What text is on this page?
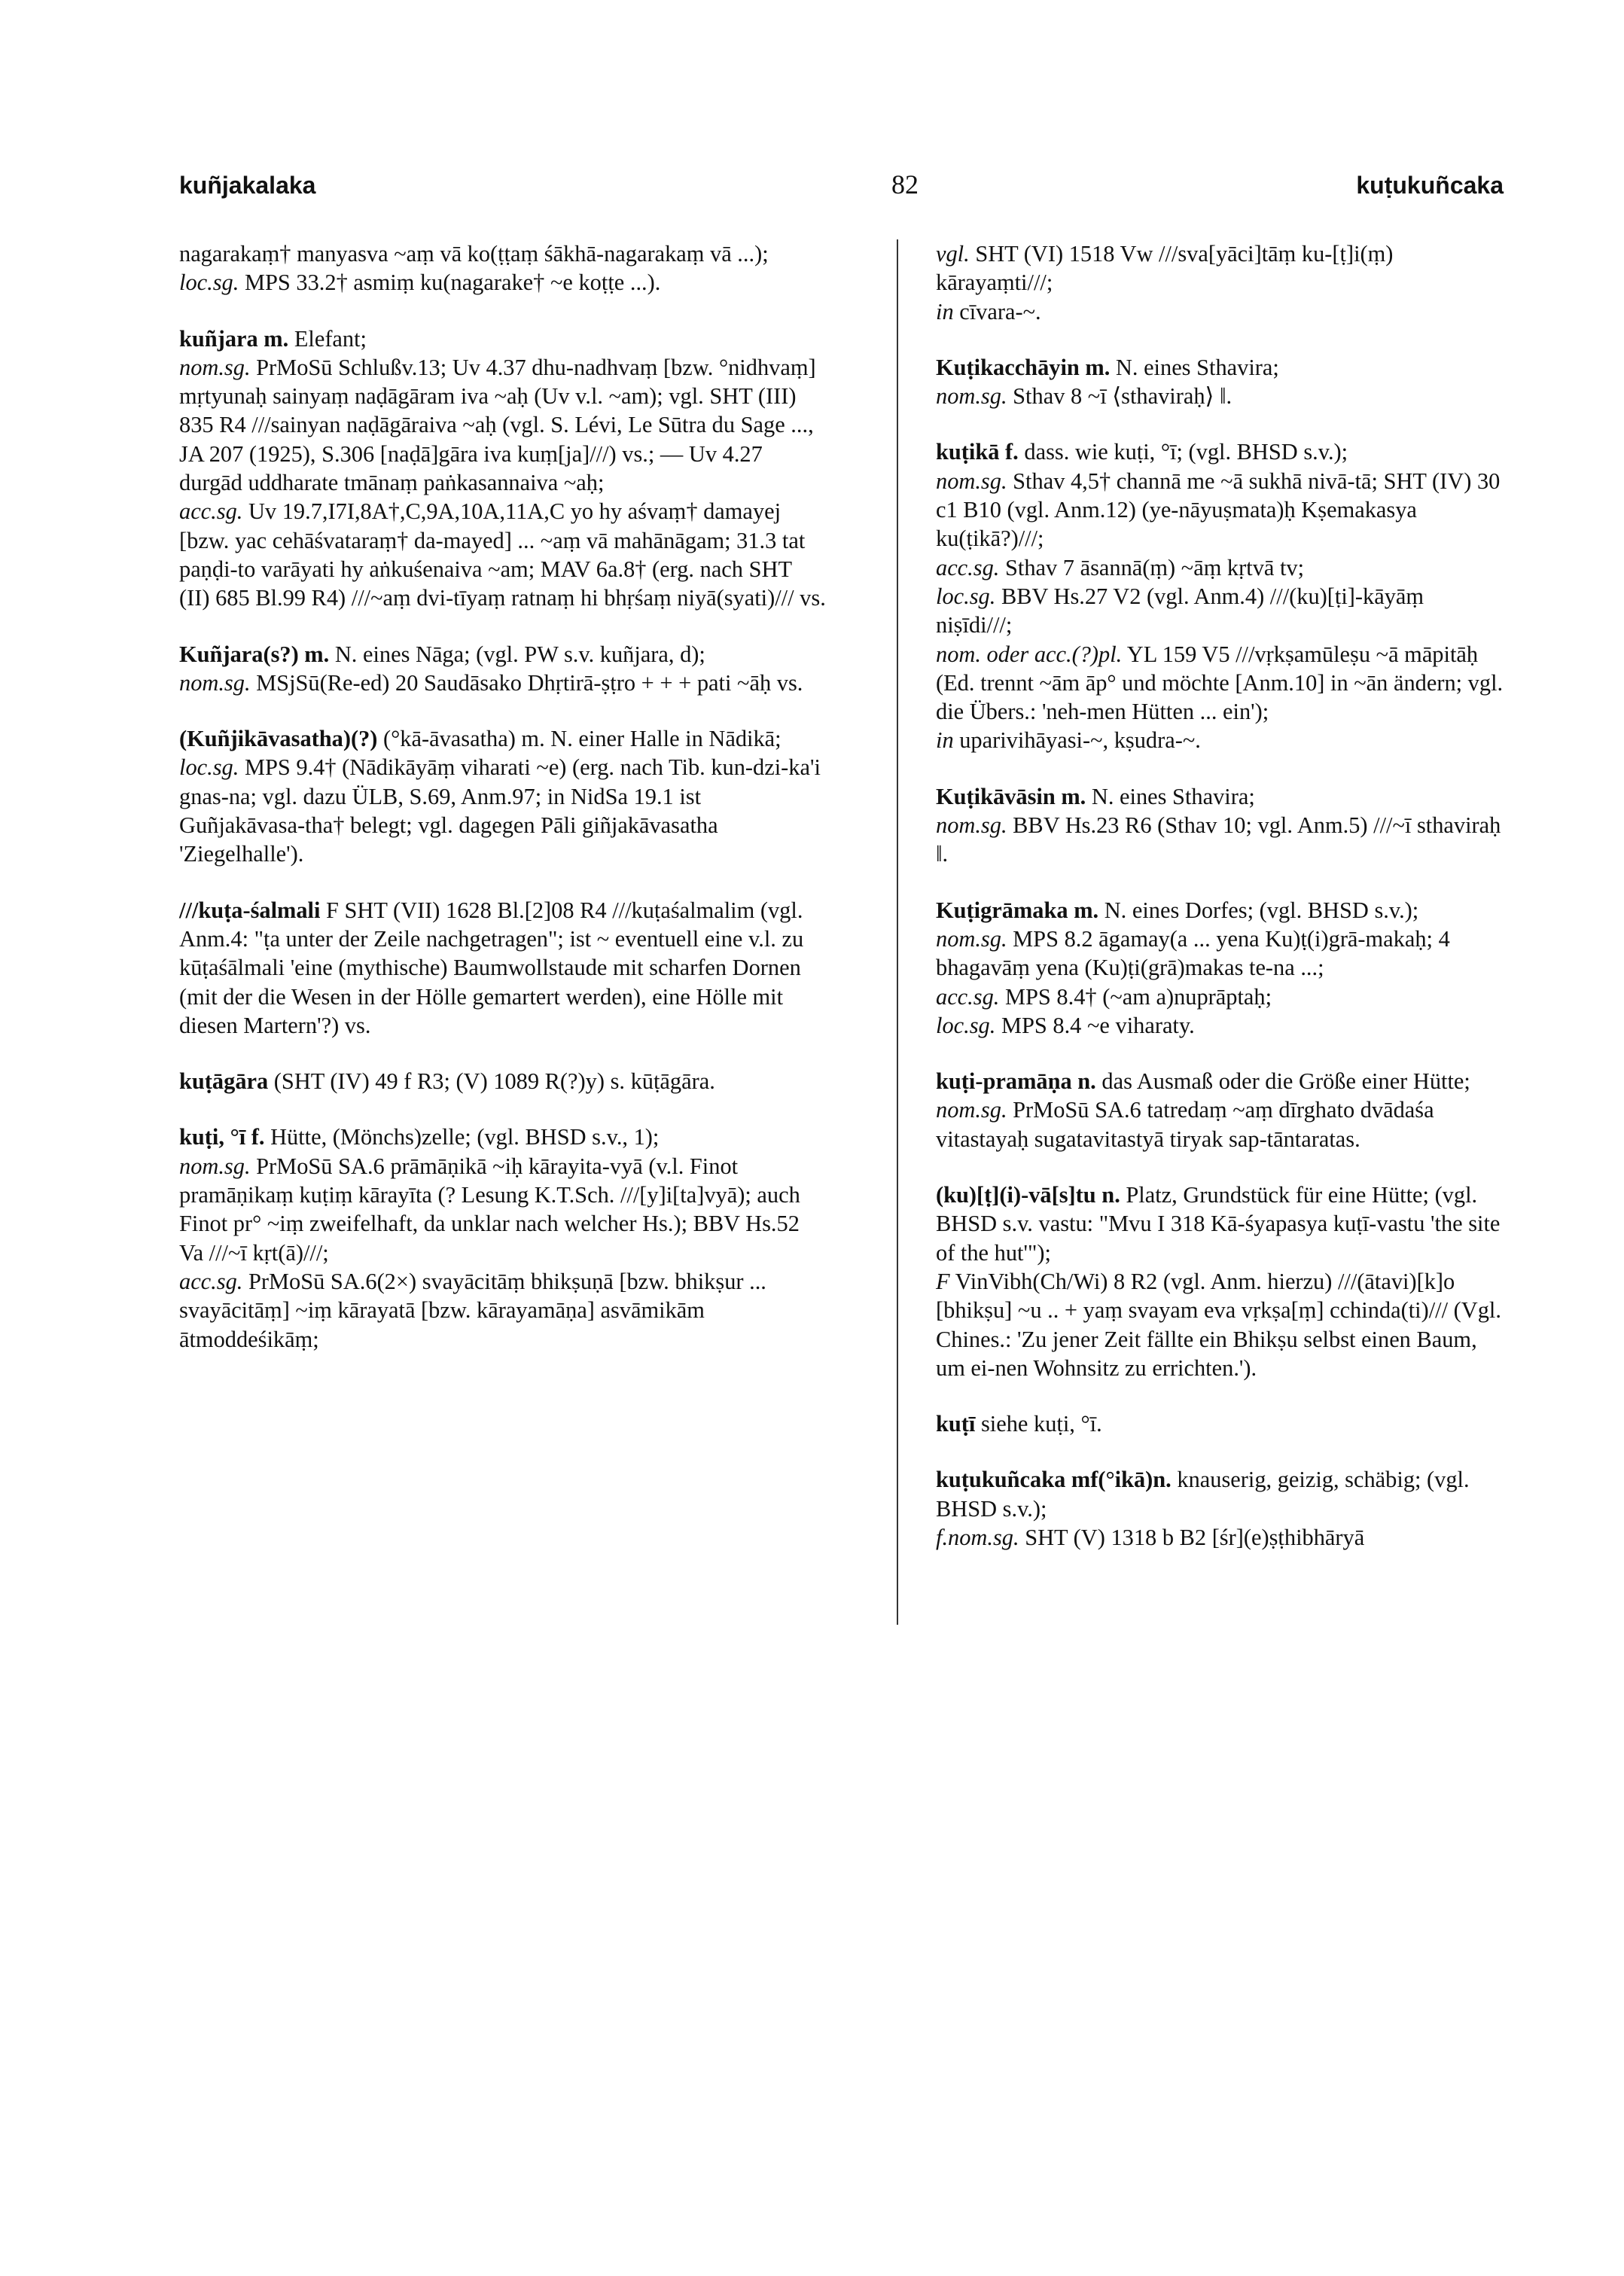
kuñjakalaka	82	kuṭukuñcaka

nagarakaṃ† manyasva ~aṃ vā ko(ṭṭaṃ śākhā-nagarakaṃ vā ...);

loc.sg. MPS 33.2† asmiṃ ku(nagarake† ~e koṭṭe ...).

kuñjara m. Elefant;

nom.sg. PrMoSū Schlußv.13; Uv 4.37 dhu-nadhvaṃ [bzw. °nidhvaṃ] mṛtyunaḥ sainyaṃ naḍāgāram iva ~aḥ (Uv v.l. ~am); vgl. SHT (III) 835 R4 ///sainyan naḍāgāraiva ~aḥ (vgl. S. Lévi, Le Sūtra du Sage ..., JA 207 (1925), S.306 [naḍā]gāra iva kuṃ[ja]///) vs.; — Uv 4.27 durgād uddharate tmānaṃ paṅkasannaiva ~aḥ;

acc.sg. Uv 19.7,I7I,8A†,C,9A,10A,11A,C yo hy aśvaṃ† damayej [bzw. yac cehāśvataraṃ† da-mayed] ... ~aṃ vā mahānāgam; 31.3 tat paṇḍi-to varāyati hy aṅkuśenaiva ~am; MAV 6a.8† (erg. nach SHT (II) 685 Bl.99 R4) ///~aṃ dvi-tīyaṃ ratnaṃ hi bhṛśaṃ niyā(syati)/// vs.

Kuñjara(s?) m. N. eines Nāga; (vgl. PW s.v. kuñjara, d);

nom.sg. MSjSū(Re-ed) 20 Saudāsako Dhṛtirā-ṣṭro + + + pati ~āḥ vs.

(Kuñjikāvasatha)(?) (°kā-āvasatha) m. N. einer Halle in Nādikā;

loc.sg. MPS 9.4† (Nādikāyāṃ viharati ~e) (erg. nach Tib. kun-dzi-ka'i gnas-na; vgl. dazu ÜLB, S.69, Anm.97; in NidSa 19.1 ist Guñjakāvasa-tha† belegt; vgl. dagegen Pāli giñjakāvasatha 'Ziegelhalle').

///kuṭa-śalmali F SHT (VII) 1628 Bl.[2]08 R4 ///kuṭaśalmalim (vgl. Anm.4: "ṭa unter der Zeile nachgetragen"; ist ~ eventuell eine v.l. zu kūṭaśālmali 'eine (mythische) Baumwollstaude mit scharfen Dornen (mit der die Wesen in der Hölle gemartert werden), eine Hölle mit diesen Martern'?) vs.

kuṭāgāra (SHT (IV) 49 f R3; (V) 1089 R(?)y) s. kūṭāgāra.

kuṭi, °ī f. Hütte, (Mönchs)zelle; (vgl. BHSD s.v., 1);

nom.sg. PrMoSū SA.6 prāmāṇikā ~iḥ kārayita-vyā (v.l. Finot pramāṇikaṃ kuṭiṃ kārayīta (? Lesung K.T.Sch. ///[y]i[ta]vyā); auch Finot pr° ~iṃ zweifelhaft, da unklar nach welcher Hs.); BBV Hs.52 Va ///~ī kṛt(ā)///;

acc.sg. PrMoSū SA.6(2×) svayācitāṃ bhikṣuṇā [bzw. bhikṣur ... svayācitāṃ] ~iṃ kārayatā [bzw. kārayamāṇa] asvāmikām ātmoddeśikāṃ;

vgl. SHT (VI) 1518 Vw ///sva[yāci]tāṃ ku-[ṭ]i(ṃ) kārayaṃti///;

in cīvara-~.

Kuṭikacchāyin m. N. eines Sthavira;

nom.sg. Sthav 8 ~ī ⟨sthaviraḥ⟩ ‖.

kuṭikā f. dass. wie kuṭi, °ī; (vgl. BHSD s.v.);

nom.sg. Sthav 4,5† channā me ~ā sukhā nivā-tā; SHT (IV) 30 c1 B10 (vgl. Anm.12) (ye-nāyuṣmata)ḥ Kṣemakasya ku(ṭikā?)///;

acc.sg. Sthav 7 āsannā(ṃ) ~āṃ kṛtvā tv;

loc.sg. BBV Hs.27 V2 (vgl. Anm.4) ///(ku)[ṭi]-kāyāṃ niṣīdi///;

nom. oder acc.(?)pl. YL 159 V5 ///vṛkṣamūleṣu ~ā māpitāḥ (Ed. trennt ~ām āp° und möchte [Anm.10] in ~ān ändern; vgl. die Übers.: 'neh-men Hütten ... ein');

in uparivihāyasi-~, kṣudra-~.

Kuṭikāvāsin m. N. eines Sthavira;

nom.sg. BBV Hs.23 R6 (Sthav 10; vgl. Anm.5) ///~ī sthaviraḥ ‖.

Kuṭigrāmaka m. N. eines Dorfes; (vgl. BHSD s.v.);

nom.sg. MPS 8.2 āgamay(a ... yena Ku)ṭ(i)grā-makaḥ; 4 bhagavāṃ yena (Ku)ṭi(grā)makas te-na ...;

acc.sg. MPS 8.4† (~am a)nuprāptaḥ;

loc.sg. MPS 8.4 ~e viharaty.

kuṭi-pramāṇa n. das Ausmaß oder die Größe einer Hütte;

nom.sg. PrMoSū SA.6 tatredaṃ ~aṃ dīrghato dvādaśa vitastayaḥ sugatavitastyā tiryak sap-tāntaratas.

(ku)[ṭ](i)-vā[s]tu n. Platz, Grundstück für eine Hütte; (vgl. BHSD s.v. vastu: "Mvu I 318 Kā-śyapasya kuṭī-vastu 'the site of the hut'");

F VinVibh(Ch/Wi) 8 R2 (vgl. Anm. hierzu) ///(ātavi)[k]o [bhikṣu] ~u .. + yaṃ svayam eva vṛkṣa[ṃ] cchinda(ti)/// (Vgl. Chines.: 'Zu jener Zeit fällte ein Bhikṣu selbst einen Baum, um ei-nen Wohnsitz zu errichten.').

kuṭī siehe kuṭi, °ī.

kuṭukuñcaka mf(°ikā)n. knauserig, geizig, schäbig; (vgl. BHSD s.v.);

f.nom.sg. SHT (V) 1318 b B2 [śr](e)ṣṭhibhāryā
